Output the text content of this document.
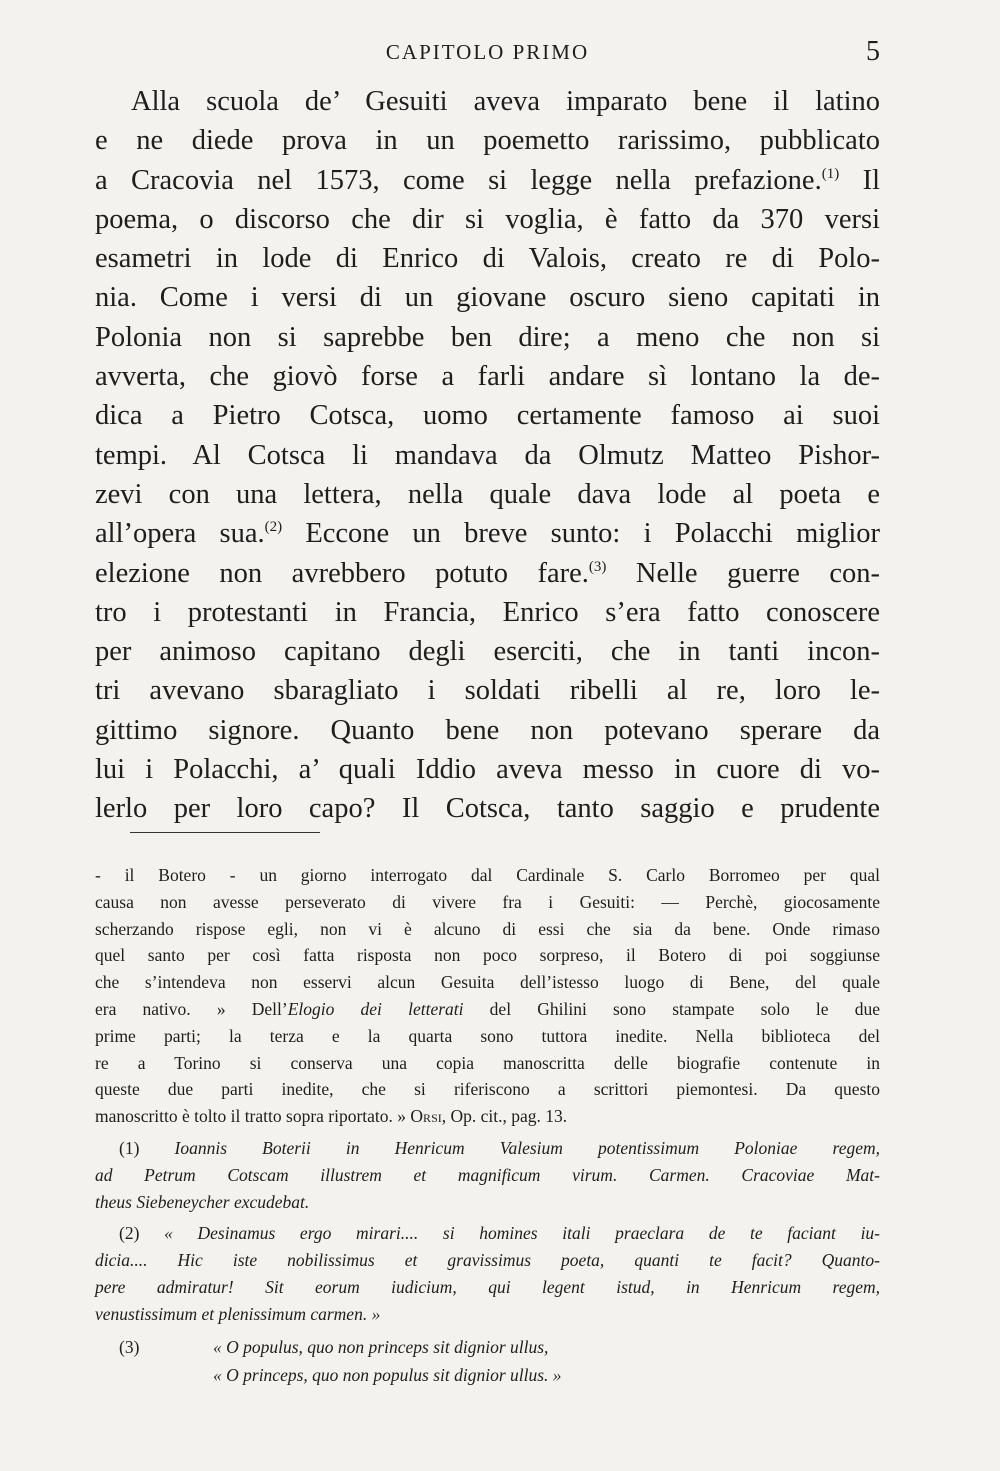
CAPITOLO PRIMO	5
Alla scuola de’ Gesuiti aveva imparato bene il latino
e ne diede prova in un poemetto rarissimo, pubblicato
a Cracovia nel 1573, come si legge nella prefazione.$^{(1)}$ Il
poema, o discorso che dir si voglia, è fatto da 370 versi
esametri in lode di Enrico di Valois, creato re di Polo-
nia. Come i versi di un giovane oscuro sieno capitati in
Polonia non si saprebbe ben dire; a meno che non si
avverta, che giovò forse a farli andare sì lontano la de-
dica a Pietro Cotsca, uomo certamente famoso ai suoi
tempi. Al Cotsca li mandava da Olmutz Matteo Pishor-
zevi con una lettera, nella quale dava lode al poeta e
all’opera sua.$^{(2)}$ Eccone un breve sunto: i Polacchi miglior
elezione non avrebbero potuto fare.$^{(3)}$ Nelle guerre con-
tro i protestanti in Francia, Enrico s’era fatto conoscere
per animoso capitano degli eserciti, che in tanti incon-
tri avevano sbaragliato i soldati ribelli al re, loro le-
gittimo signore. Quanto bene non potevano sperare da
lui i Polacchi, a’ quali Iddio aveva messo in cuore di vo-
lerlo per loro capo? Il Cotsca, tanto saggio e prudente
- il Botero - un giorno interrogato dal Cardinale S. Carlo Borromeo per qual
causa non avesse perseverato di vivere fra i Gesuiti: — Perchè, giocosamente
scherzando rispose egli, non vi è alcuno di essi che sia da bene. Onde rimaso
quel santo per così fatta risposta non poco sorpreso, il Botero di poi soggiunse
che s’intendeva non esservi alcun Gesuita dell’istesso luogo di Bene, del quale
era nativo. » Dell’Elogio dei letterati del Ghilini sono stampate solo le due
prime parti; la terza e la quarta sono tuttora inedite. Nella biblioteca del
re a Torino si conserva una copia manoscritta delle biografie contenute in
queste due parti inedite, che si riferiscono a scrittori piemontesi. Da questo
manoscritto è tolto il tratto sopra riportato. » Orsi, Op. cit., pag. 13.
(1) Ioannis Boterii in Henricum Valesium potentissimum Poloniae regem,
ad Petrum Cotscam illustrem et magnificum virum. Carmen. Cracoviae Mat-
theus Siebeneycher excudebat.
(2) « Desinamus ergo mirari.... si homines itali praeclara de te faciant iu-
dicia.... Hic iste nobilissimus et gravissimus poeta, quanti te facit? Quanto-
pere admiratur! Sit eorum iudicium, qui legent istud, in Henricum regem,
venustissimum et plenissimum carmen. »
(3)	« O populus, quo non princeps sit dignior ullus,
« O princeps, quo non populus sit dignior ullus. »
